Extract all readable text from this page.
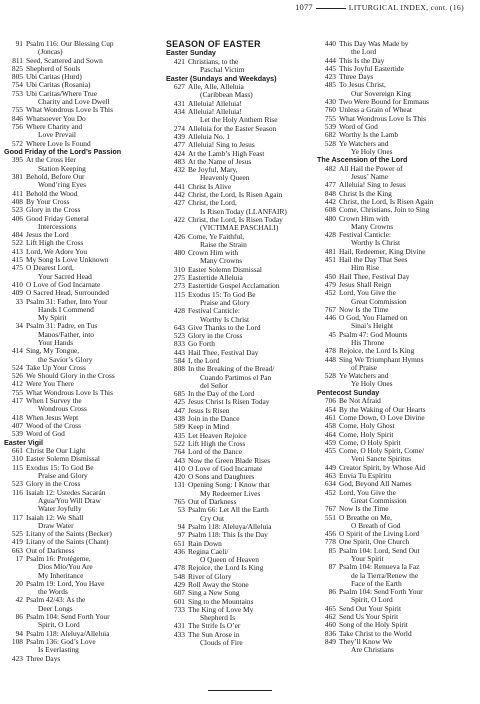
1077	LITURGICAL INDEX, cont. (16)
91 Psalm 116: Our Blessing Cup
(Joncas)
811 Seed, Scattered and Sown
825 Shepherd of Souls
805 Ubi Caritas (Hurd)
754 Ubi Caritas (Rosania)
753 Ubi Caritas/Where True
Charity and Love Dwell
755 What Wondrous Love Is This
846 Whatsoever You Do
756 Where Charity and
Love Prevail
572 Where Love Is Found
Good Friday of the Lord’s Passion
395 At the Cross Her
Station Keeping
381 Behold, Before Our
Wond’ring Eyes
411 Behold the Wood
408 By Your Cross
523 Glory in the Cross
406 Good Friday General
Intercessions
484 Jesus the Lord
522 Lift High the Cross
413 Lord, We Adore You
415 My Song Is Love Unknown
475 O Dearest Lord,
Your Sacred Head
410 O Love of God Incarnate
409 O Sacred Head, Surrounded
33 Psalm 31: Father, Into Your
Hands I Commend
My Spirit
34 Psalm 31: Padre, en Tus
Manos/Father, into
Your Hands
414 Sing, My Tongue,
the Savior’s Glory
524 Take Up Your Cross
526 We Should Glory in the Cross
412 Were You There
755 What Wondrous Love Is This
417 When I Survey the
Wondrous Cross
418 When Jesus Wept
407 Wood of the Cross
539 Word of God
Easter Vigil
661 Christ Be Our Light
310 Easter Solemn Dismissal
115 Exodus 15: To God Be
Praise and Glory
523 Glory in the Cross
116 Isaiah 12: Ustedes Sacarán
Agua/You Will Draw
Water Joyfully
117 Isaiah 12: We Shall
Draw Water
525 Litany of the Saints (Becker)
419 Litany of the Saints (Chant)
663 Out of Darkness
17 Psalm 16: Protégeme,
Dios Mío/You Are
My Inheritance
20 Psalm 19: Lord, You Have
the Words
42 Psalm 42/43: As the
Deer Longs
86 Psalm 104: Send Forth Your
Spirit, O Lord
94 Psalm 118: Aleluya/Alleluia
108 Psalm 136: God’s Love
Is Everlasting
423 Three Days
SEASON OF EASTER
Easter Sunday
421 Christians, to the
Paschal Victim
Easter (Sundays and Weekdays)
627 Alle, Alle, Alleluia
(Caribbean Mass)
431 Alleluia! Alleluia!
434 Alleluia! Alleluia!
Let the Holy Anthem Rise
274 Alleluia for the Easter Season
439 Alleluia No. 1
477 Alleluia! Sing to Jesus
424 At the Lamb’s High Feast
483 At the Name of Jesus
432 Be Joyful, Mary,
Heavenly Queen
441 Christ Is Alive
442 Christ, the Lord, Is Risen Again
427 Christ, the Lord,
Is Risen Today (LLANFAIR)
422 Christ, the Lord, Is Risen Today
(VICTIMAE PASCHALI)
426 Come, Ye Faithful,
Raise the Strain
480 Crown Him with
Many Crowns
310 Easter Solemn Dismissal
275 Eastertide Alleluia
273 Eastertide Gospel Acclamation
115 Exodus 15: To God Be
Praise and Glory
428 Festival Canticle:
Worthy Is Christ
643 Give Thanks to the Lord
523 Glory in the Cross
833 Go Forth
443 Hail Thee, Festival Day
584 I, the Lord
808 In the Breaking of the Bread/
Cuando Partimos el Pan
del Señor
685 In the Day of the Lord
425 Jesus Christ Is Risen Today
447 Jesus Is Risen
438 Join in the Dance
589 Keep in Mind
435 Let Heaven Rejoice
522 Lift High the Cross
764 Lord of the Dance
443 Now the Green Blade Rises
410 O Love of God Incarnate
420 O Sons and Daughters
131 Opening Song: I Know that
My Redeemer Lives
765 Out of Darkness
53 Psalm 66: Let All the Earth
Cry Out
94 Psalm 118: Aleluya/Alleluia
97 Psalm 118: This Is the Day
651 Rain Down
436 Regina Caeli/
O Queen of Heaven
478 Rejoice, the Lord Is King
548 River of Glory
429 Roll Away the Stone
607 Sing a New Song
601 Sing to the Mountains
733 The King of Love My
Shepherd Is
431 The Strife Is O’er
433 The Sun Arose in
Clouds of Fire
440 This Day Was Made by
the Lord
444 This Is the Day
445 This Joyful Eastertide
423 Three Days
485 To Jesus Christ,
Our Sovereign King
430 Two Were Bound for Emmaus
760 Unless a Grain of Wheat
755 What Wondrous Love Is This
539 Word of God
682 Worthy Is the Lamb
528 Ye Watchers and
Ye Holy Ones
The Ascension of the Lord
482 All Hail the Power of
Jesus’ Name
477 Alleluia! Sing to Jesus
848 Christ Is the King
442 Christ, the Lord, Is Risen Again
608 Come, Christians, Join to Sing
480 Crown Him with
Many Crowns
428 Festival Canticle:
Worthy Is Christ
481 Hail, Redeemer, King Divine
451 Hail the Day That Sees
Him Rise
450 Hail Thee, Festival Day
479 Jesus Shall Reign
452 Lord, You Give the
Great Commission
767 Now Is the Time
446 O God, You Flamed on
Sinai’s Height
45 Psalm 47: God Mounts
His Throne
478 Rejoice, the Lord Is King
448 Sing We Triumphant Hymns
of Praise
528 Ye Watchers and
Ye Holy Ones
Pentecost Sunday
706 Be Not Afraid
454 By the Waking of Our Hearts
461 Come Down, O Love Divine
458 Come, Holy Ghost
464 Come, Holy Spirit
459 Come, O Holy Spirit
455 Come, O Holy Spirit, Come/
Veni Sancte Spiritus
449 Creator Spirit, by Whose Aid
463 Envía Tu Espíritu
634 God, Beyond All Names
452 Lord, You Give the
Great Commission
767 Now Is the Time
551 O Breathe on Me,
O Breath of God
456 O Spirit of the Living Lord
778 One Spirit, One Church
85 Psalm 104: Lord, Send Out
Your Spirit
87 Psalm 104: Renueva la Faz
de la Tierra/Renew the
Face of the Earth
86 Psalm 104: Send Forth Your
Spirit, O Lord
465 Send Out Your Spirit
462 Send Us Your Spirit
460 Song of the Holy Spirit
836 Take Christ to the World
849 They’ll Know We
Are Christians
